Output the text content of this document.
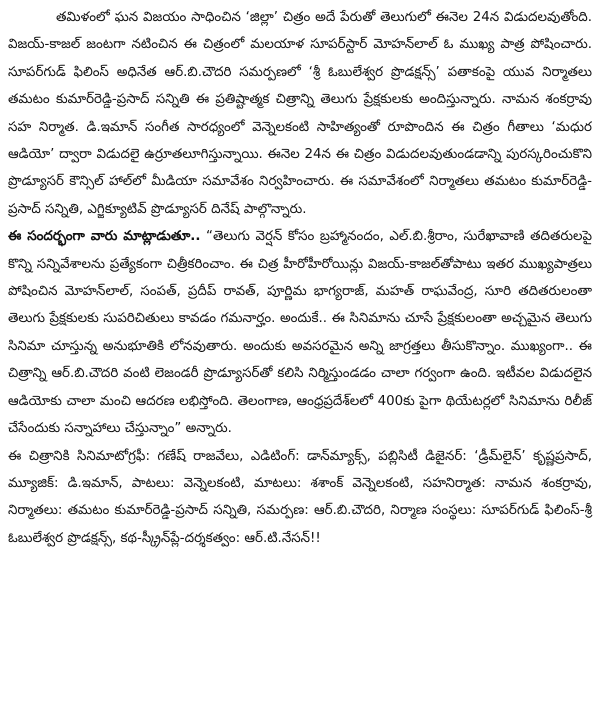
తమిళంలో ఘన విజయం సాధించిన ‘జిల్లా’ చిత్రం అదే పేరుతో తెలుగులో ఈనెల 24న విడుదలవుతోంది. విజయ్-కాజల్ జంటగా నటించిన ఈ చిత్రంలో మలయాళ సూపర్‌స్టార్ మోహన్‌లాల్ ఓ ముఖ్య పాత్ర పోషించారు. సూపర్‌గుడ్ ఫిలింస్ అధినేత ఆర్.బి.చౌదరి సమర్పణలో ‘శ్రీ ఓబులేశ్వర ప్రొడక్షన్స్’ పతాకంపై యువ నిర్మాతలు తమటం కుమార్‌రెడ్డి-ప్రసాద్ సన్నితి ఈ ప్రతిష్టాత్మక చిత్రాన్ని తెలుగు ప్రేక్షకులకు అందిస్తున్నారు. నామన శంకర్రావు సహ నిర్మాత. డి.ఇమాన్ సంగీత సారధ్యంలో వెన్నెలకంటి సాహిత్యంతో రూపొందిన ఈ చిత్రం గీతాలు ‘మధుర ఆడియో’ ద్వారా విడుదలై ఉర్రూతలూగిస్తున్నాయి. ఈనెల 24న ఈ చిత్రం విడుదలవుతుండడాన్ని పురస్కరించుకొని ప్రొడ్యూసర్ కౌన్సిల్ హాల్‌లో మీడియా సమావేశం నిర్వహించారు. ఈ సమావేశంలో నిర్మాతలు తమటం కుమార్‌రెడ్డి-ప్రసాద్ సన్నితి, ఎగ్జిక్యూటివ్ ప్రొడ్యూసర్ దినేష్ పాల్గొన్నారు.

ఈ సందర్భంగా వారు మాట్లాడుతూ.. “తెలుగు వెర్షన్ కోసం బ్రహ్మానందం, ఎల్.బి.శ్రీరాం, సురేఖావాణి తదితరులపై కొన్ని సన్నివేశాలను ప్రత్యేకంగా చిత్రీకరించాం. ఈ చిత్ర హీరోహీరోయిన్లు విజయ్-కాజల్‌తోపాటు ఇతర ముఖ్యపాత్రలు పోషించిన మోహన్‌లాల్, సంపత్, ప్రదీప్ రావత్, పూర్ణిమ భాగ్యరాజ్, మహత్ రాఘవేంద్ర, సూరి తదితరులంతా తెలుగు ప్రేక్షకులకు సుపరిచితులు కావడం గమనార్హం. అందుకే.. ఈ సినిమాను చూసే ప్రేక్షకులంతా అచ్చమైన తెలుగు సినిమా చూస్తున్న అనుభూతికి లోనవుతారు. అందుకు అవసరమైన అన్ని జాగ్రత్తలు తీసుకొన్నాం. ముఖ్యంగా.. ఈ చిత్రాన్ని ఆర్.బి.చౌదరి వంటి లెజండరీ ప్రొడ్యూసర్‌తో కలిసి నిర్మిస్తుండడం చాలా గర్వంగా ఉంది. ఇటీవల విడుదలైన ఆడియోకు చాలా మంచి ఆదరణ లభిస్తోంది. తెలంగాణ, ఆంధ్రప్రదేశ్‌లలో 400కు పైగా థియేటర్లలో సినిమాను రిలీజ్ చేసేందుకు సన్నాహాలు చేస్తున్నాం” అన్నారు.

ఈ చిత్రానికి సినిమాటోగ్రఫీ: గణేష్ రాజవేలు, ఎడిటింగ్: డాన్‌మ్యాక్స్, పబ్లిసిటీ డిజైనర్: ‘డ్రీమ్‌లైన్’ కృష్ణప్రసాద్, మ్యూజిక్: డి.ఇమాన్, పాటలు: వెన్నెలకంటి, మాటలు: శశాంక్ వెన్నెలకంటి, సహనిర్మాత: నామన శంకర్రావు, నిర్మాతలు: తమటం కుమార్‌రెడ్డి-ప్రసాద్ సన్నితి, సమర్పణ: ఆర్.బి.చౌదరి, నిర్మాణ సంస్థలు: సూపర్‌గుడ్ ఫిలింస్-శ్రీ ఓబులేశ్వర ప్రొడక్షన్స్, కథ-స్క్రీన్‌ప్లే-దర్శకత్వం: ఆర్.టి.నేసన్!!
